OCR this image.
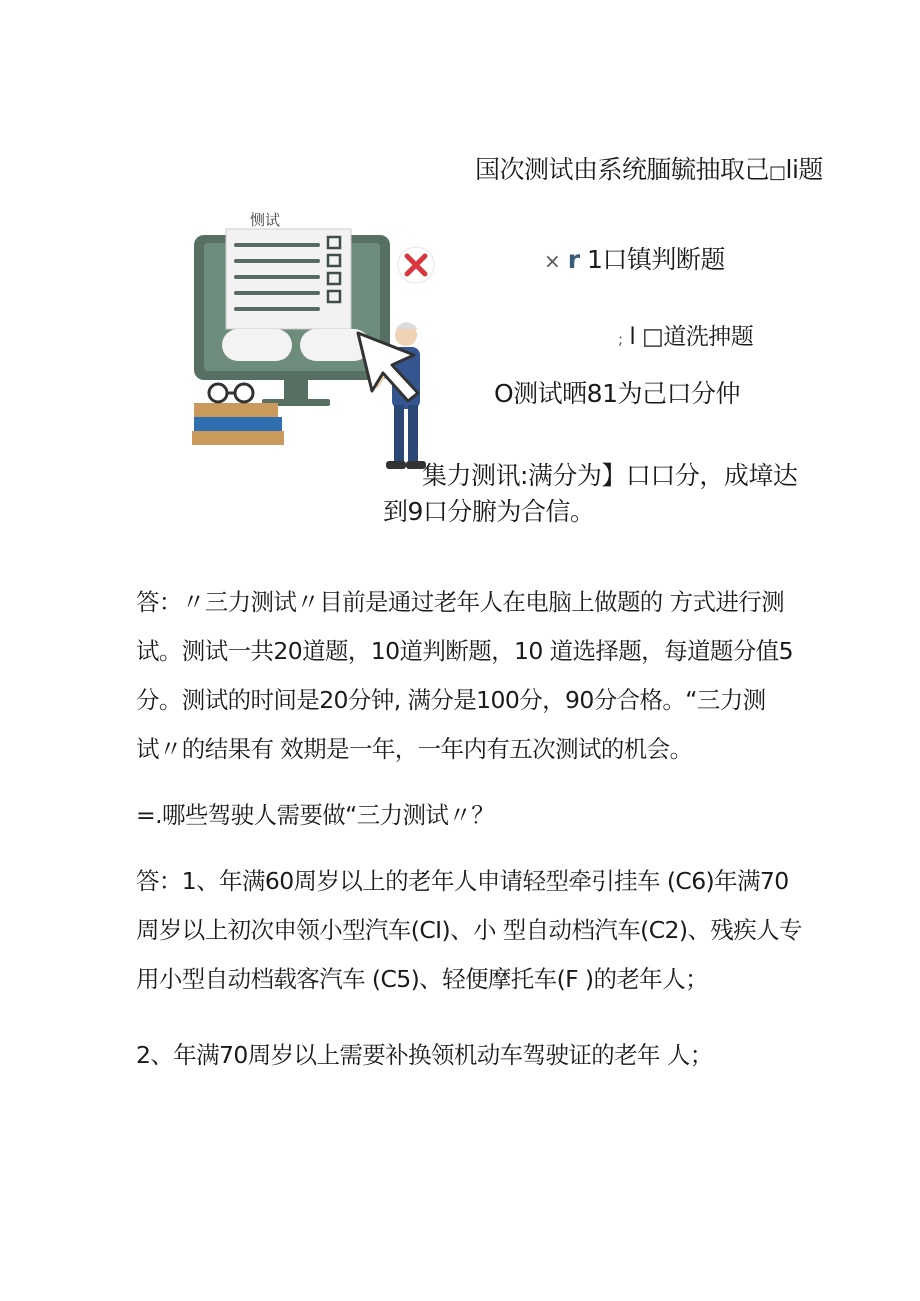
恻试
国次测试由系统腼毓抽取己□li题
× r 1口镇判断题
; l □道洗抻题
O测试晒81为己口分仲
集力测讯:满分为】口口分，成墇达
到9口分腑为合信。
答：〃三力测试〃目前是通过老年人在电脑上做题的 方式进行测
试。测试一共20道题，10道判断题，10 道选择题，每道题分值5
分。测试的时间是20分钟, 满分是100分，90分合格。“三力测
试〃的结果有 效期是一年，一年内有五次测试的机会。
=.哪些驾驶人需要做“三力测试〃？
答：1、年满60周岁以上的老年人申请轻型牵引挂车 (C6)年满70
周岁以上初次申领小型汽车(CI)、小 型自动档汽车(C2)、残疾人专
用小型自动档载客汽车 (C5)、轻便摩托车(F )的老年人；
2、年满70周岁以上需要补换领机动车驾驶证的老年 人；
